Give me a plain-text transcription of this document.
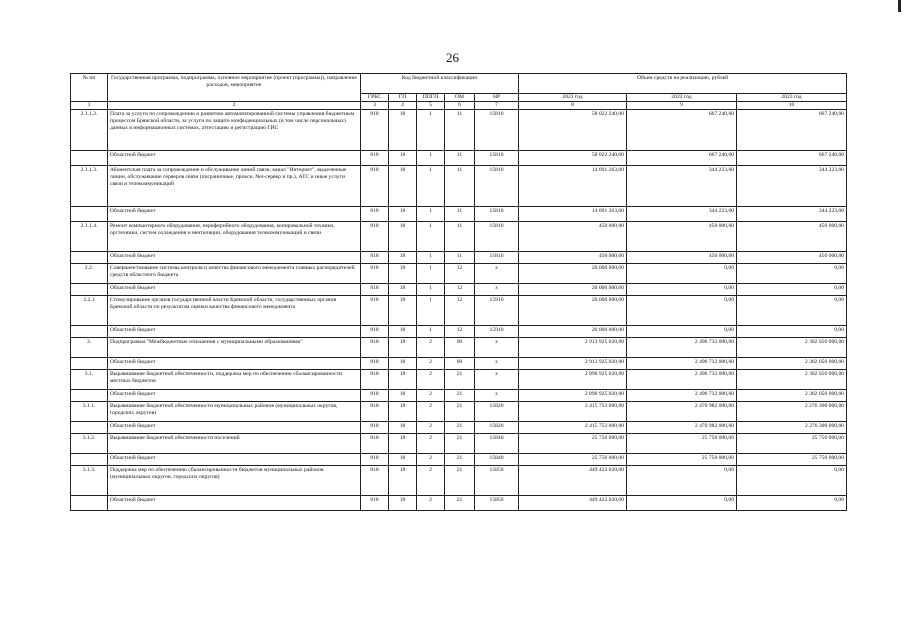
26
№ пп	Государственная программа, подпрограмма, основное мероприятие (проект (программа)), направление расходов, мероприятие	Код бюджетной классификации					Объем средств на реализацию, рублей		
		ГРБС	ГП	ППГП	ОМ	НР	2021 год	2022 год	2023 год
1	2	3	4	5	6	7	8	9	10
2.1.1.2.	Плата за услуги по сопровождению и развитию автоматизированной системы управления бюджетным процессом Брянской области, за услуги по защите конфиденциальных (в том числе персональных) данных в информационных системах, аттестацию и регистрацию ГИС	818	18	1	11	15810	58 022 240,00	667 240,00	667 240,00
	Областной бюджет	818	18	1	11	15810	58 022 240,00	667 240,00	667 240,00
2.1.1.3.	Абонентская плата за сопровождение и обслуживание линий связи, канал "Интернет", выделенные линии, обслуживание серверов связи (пограничные, прокси, Net-сервер и пр.), АТС и иные услуги связи и телекоммуникаций	818	18	1	11	15810	14 091 263,00	344 223,00	344 223,00
	Областной бюджет	818	18	1	11	15810	14 091 263,00	344 223,00	344 223,00
2.1.1.4.	Ремонт компьютерного оборудования, периферийного оборудования, копировальной техники, оргтехники, систем охлаждения и вентиляции, оборудования телекоммуникаций и связи	818	18	1	11	15810	450 000,00	450 000,00	450 000,00
	Областной бюджет	818	18	1	11	15810	450 000,00	450 000,00	450 000,00
2.2.	Совершенствование системы контроля и качества финансового менеджмента главных распорядителей средств областного бюджета	818	18	1	12	х	20 000 000,00	0,00	0,00
	Областной бюджет	818	18	1	12	х	20 000 000,00	0,00	0,00
2.2.1	Стимулирование органов государственной власти Брянской области, государственных органов Брянской области по результатам оценки качества финансового менеджмента	818	18	1	12	15910	20 000 000,00	0,00	0,00
	Областной бюджет	818	18	1	12	15910	20 000 000,00	0,00	0,00
3.	Подпрограмма "Межбюджетные отношения с муниципальными образованиями"	818	18	2	00	х	2 913 925 020,00	2 496 732 000,00	2 302 050 000,00
	Областной бюджет	818	18	2	00	х	2 913 925 020,00	2 496 732 000,00	2 302 050 000,00
3.1.	Выравнивание бюджетной обеспеченности, поддержка мер по обеспечению сбалансированности местных бюджетов	818	18	2	21	х	2 890 925 020,00	2 496 732 000,00	2 302 050 000,00
	Областной бюджет	818	18	2	21	х	2 890 925 020,00	2 496 732 000,00	2 302 050 000,00
3.1.1.	Выравнивание бюджетной обеспеченности муниципальных районов (муниципальных округов, городских округов)	818	18	2	21	15820	2 415 753 000,00	2 470 982 000,00	2 276 300 000,00
	Областной бюджет	818	18	2	21	15820	2 415 753 000,00	2 470 982 000,00	2 276 300 000,00
3.1.2.	Выравнивание бюджетной обеспеченности поселений	818	18	2	21	15840	25 750 000,00	25 750 000,00	25 750 000,00
	Областной бюджет	818	18	2	21	15840	25 750 000,00	25 750 000,00	25 750 000,00
3.1.3.	Поддержка мер по обеспечению сбалансированности бюджетов муниципальных районов (муниципальных округов, городских округов)	818	18	2	21	15850	449 422 020,00	0,00	0,00
	Областной бюджет	818	18	2	21	15850	449 422 020,00	0,00	0,00
